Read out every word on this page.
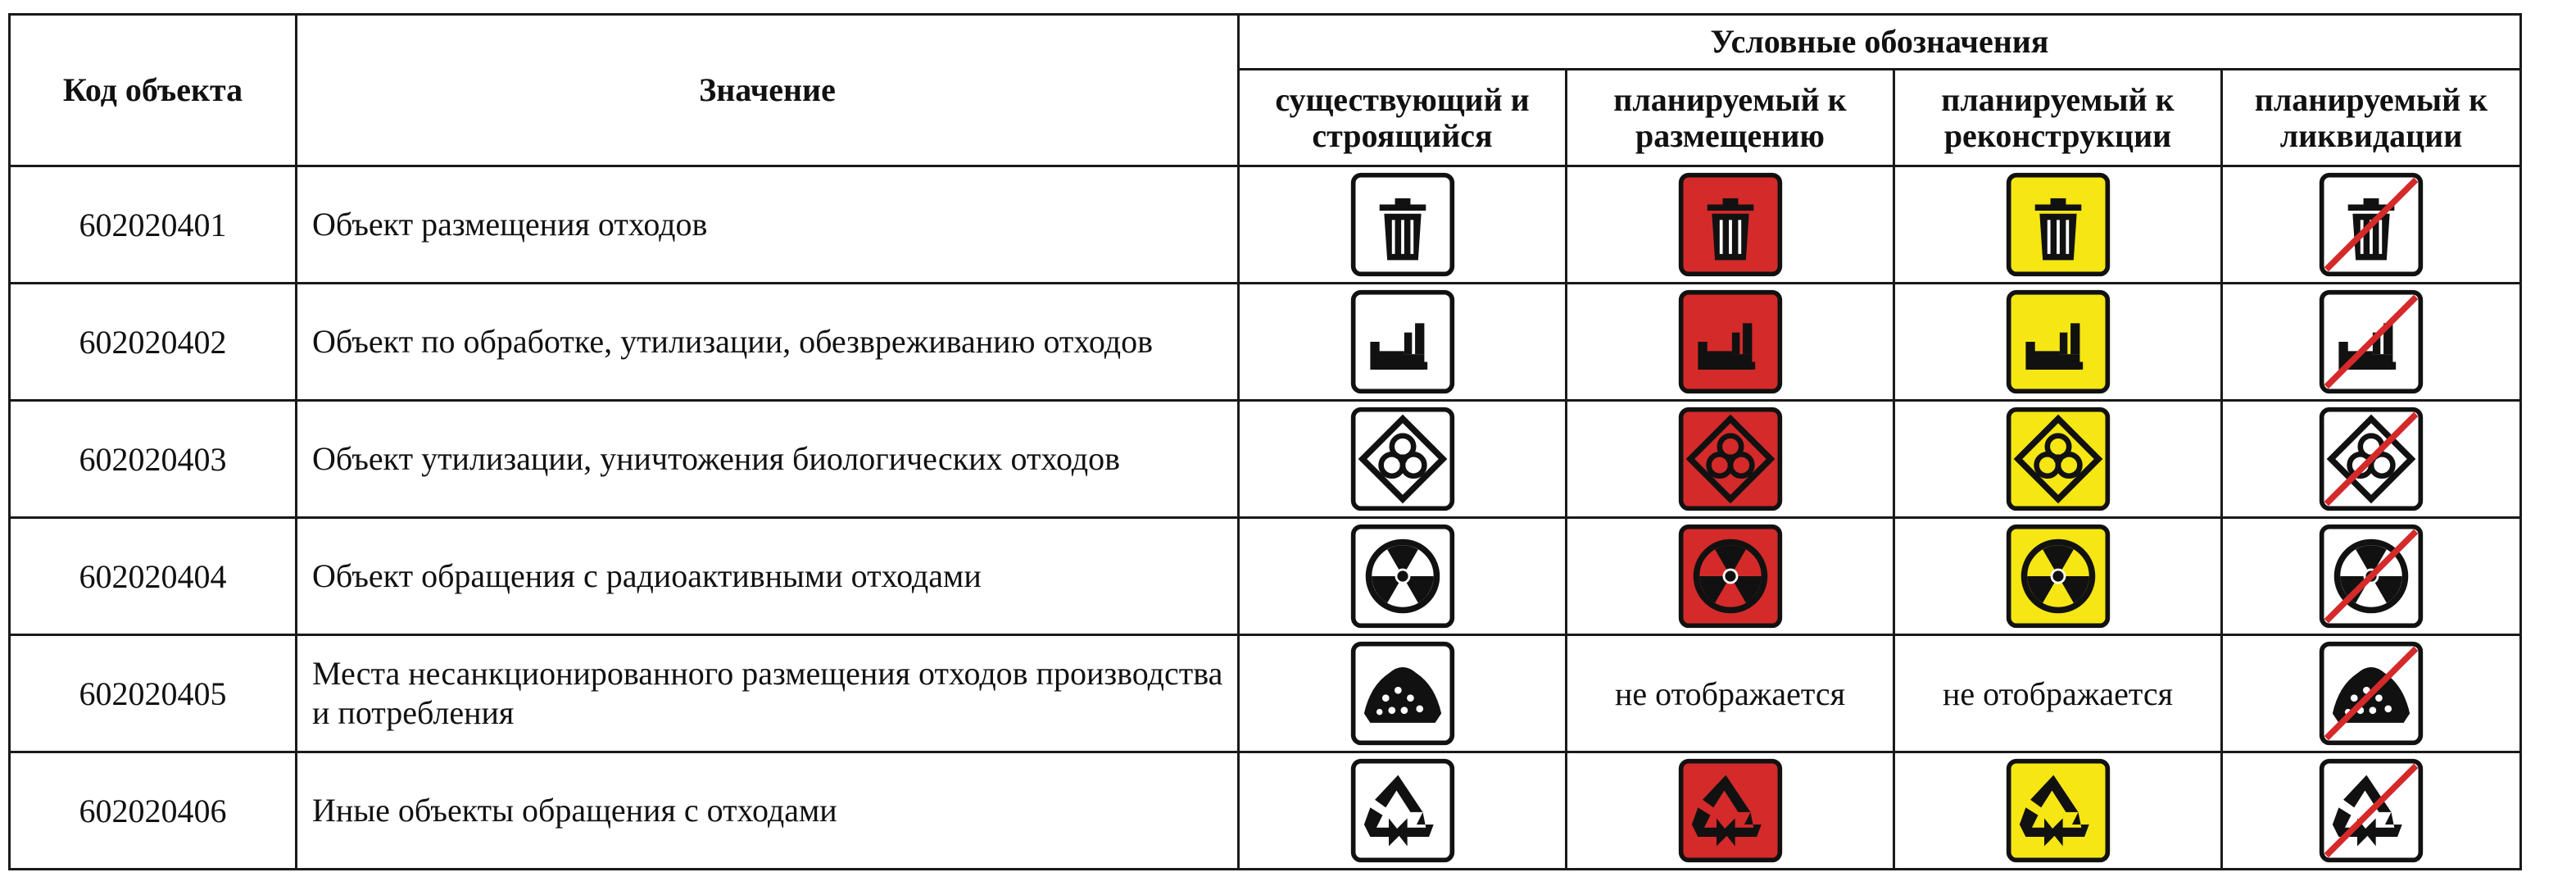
Код объекта	Значение	Условные обозначения			
		существующий и строящийся	планируемый к размещению	планируемый к реконструкции	планируемый к ликвидации
602020401	Объект размещения отходов	

602020402	Объект по обработке, утилизации, обезвреживанию отходов	

602020403	Объект утилизации, уничтожения биологических отходов	

602020404	Объект обращения с радиоактивными отходами	

602020405	Места несанкционированного размещения отходов производства и потребления		не отображается	не отображается	

602020406	Иные объекты обращения с отходами	
